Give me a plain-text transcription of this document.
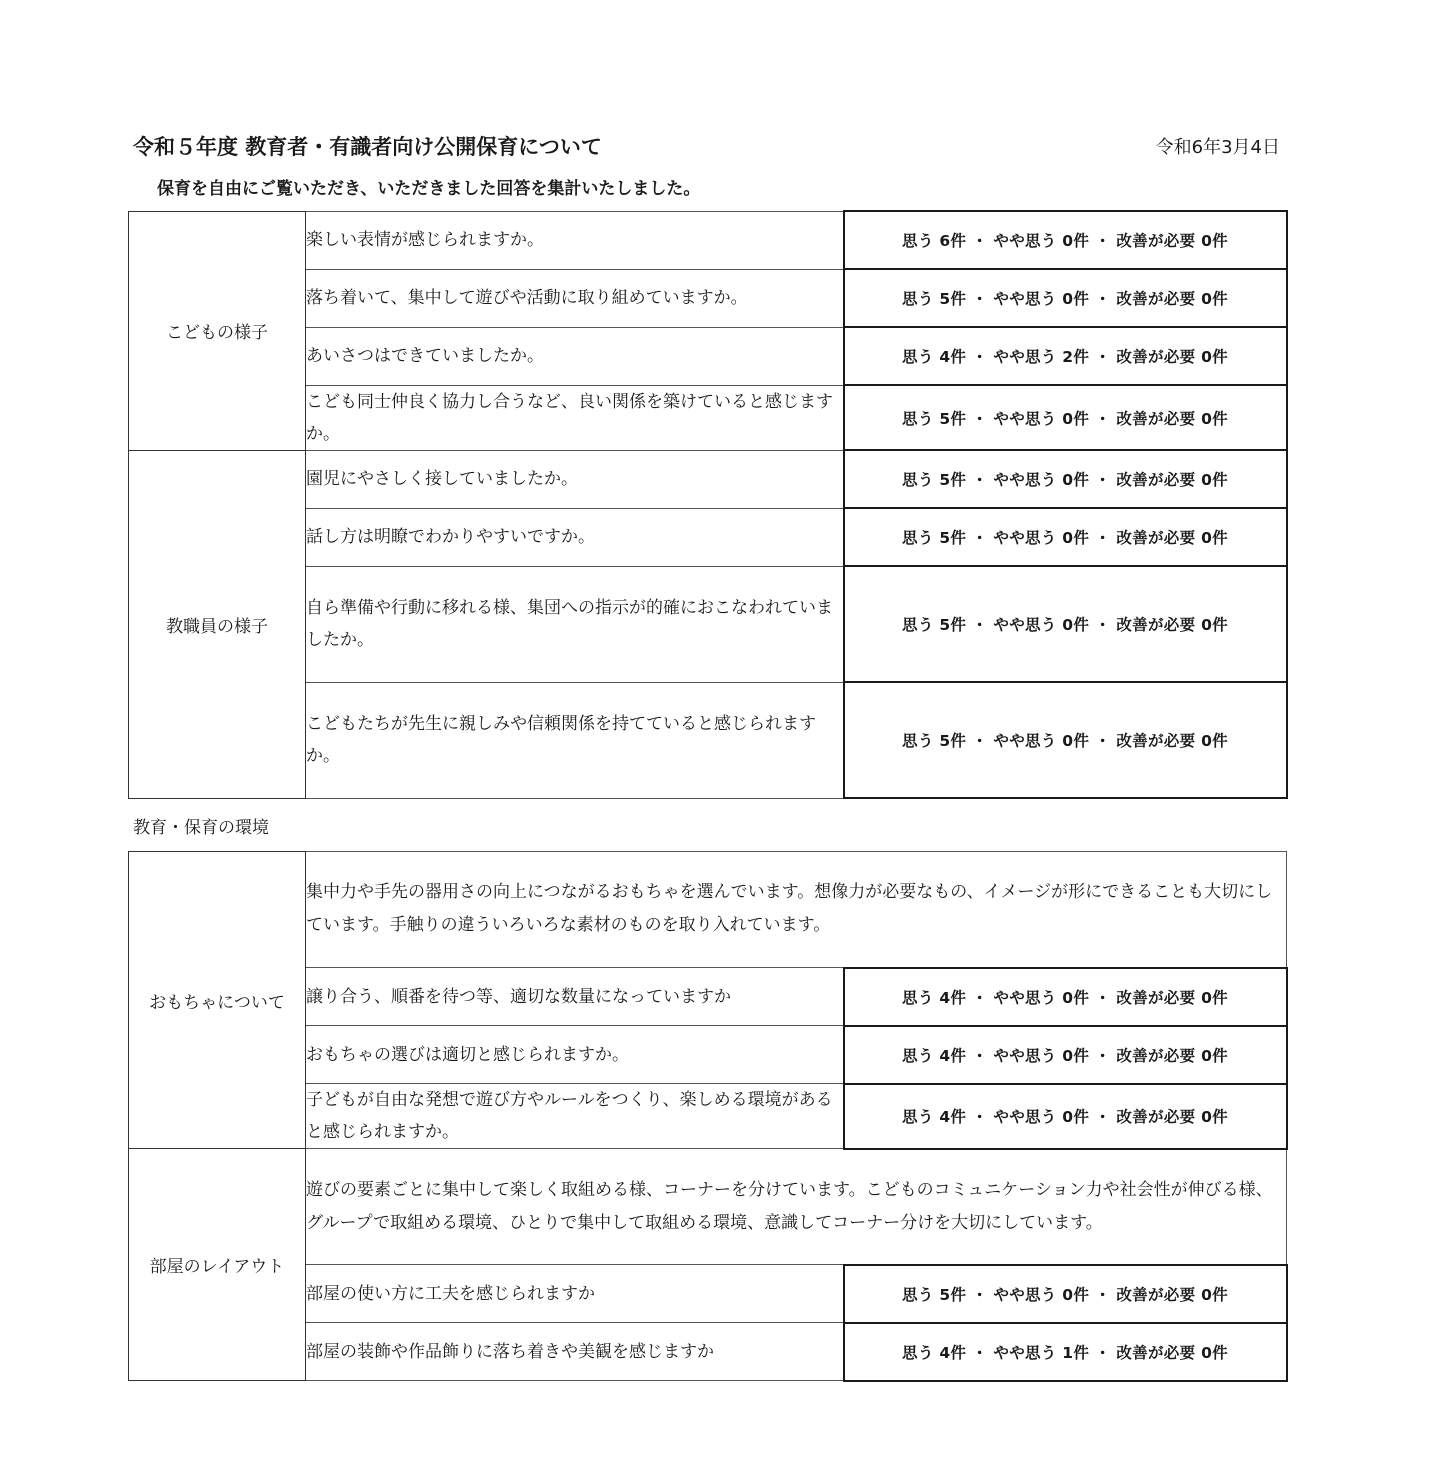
令和５年度 教育者・有識者向け公開保育について	令和6年3月4日
保育を自由にご覧いただき、いただきました回答を集計いたしました。
こどもの様子	楽しい表情が感じられますか。	思う 6件 ・ やや思う 0件 ・ 改善が必要 0件
	落ち着いて、集中して遊びや活動に取り組めていますか。	思う 5件 ・ やや思う 0件 ・ 改善が必要 0件
	あいさつはできていましたか。	思う 4件 ・ やや思う 2件 ・ 改善が必要 0件
	こども同士仲良く協力し合うなど、良い関係を築けていると感じますか。	思う 5件 ・ やや思う 0件 ・ 改善が必要 0件
教職員の様子	園児にやさしく接していましたか。	思う 5件 ・ やや思う 0件 ・ 改善が必要 0件
	話し方は明瞭でわかりやすいですか。	思う 5件 ・ やや思う 0件 ・ 改善が必要 0件
	自ら準備や行動に移れる様、集団への指示が的確におこなわれていましたか。	思う 5件 ・ やや思う 0件 ・ 改善が必要 0件
	こどもたちが先生に親しみや信頼関係を持てていると感じられますか。	思う 5件 ・ やや思う 0件 ・ 改善が必要 0件
教育・保育の環境
おもちゃについて	集中力や手先の器用さの向上につながるおもちゃを選んでいます。想像力が必要なもの、イメージが形にできることも大切にしています。手触りの違ういろいろな素材のものを取り入れています。	
	譲り合う、順番を待つ等、適切な数量になっていますか	思う 4件 ・ やや思う 0件 ・ 改善が必要 0件
	おもちゃの選びは適切と感じられますか。	思う 4件 ・ やや思う 0件 ・ 改善が必要 0件
	子どもが自由な発想で遊び方やルールをつくり、楽しめる環境があると感じられますか。	思う 4件 ・ やや思う 0件 ・ 改善が必要 0件
部屋のレイアウト	遊びの要素ごとに集中して楽しく取組める様、コーナーを分けています。こどものコミュニケーション力や社会性が伸びる様、グループで取組める環境、ひとりで集中して取組める環境、意識してコーナー分けを大切にしています。	
	部屋の使い方に工夫を感じられますか	思う 5件 ・ やや思う 0件 ・ 改善が必要 0件
	部屋の装飾や作品飾りに落ち着きや美観を感じますか	思う 4件 ・ やや思う 1件 ・ 改善が必要 0件
